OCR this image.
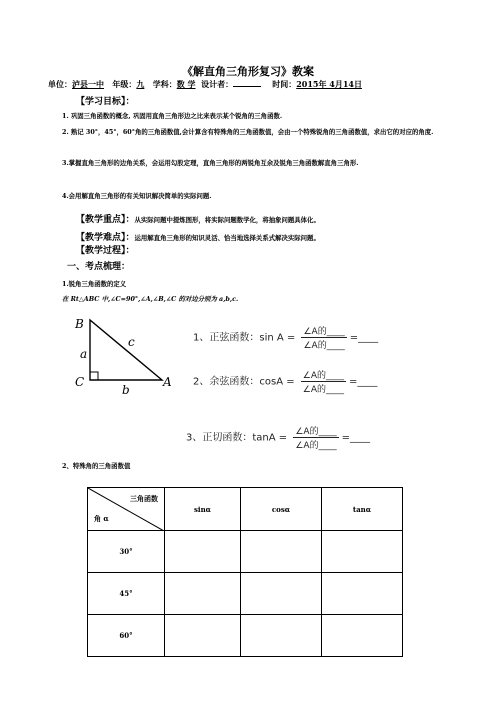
《解直角三角形复习》教案
单位：泸县一中 年级：九 学科：数 学 设计者：	时间：2015年 4月14日
【学习目标】：
1. 巩固三角函数的概念, 巩固用直角三角形边之比来表示某个锐角的三角函数.
2. 熟记 30°，45°，60°角的三角函数值,会计算含有特殊角的三角函数值，会由一个特殊锐角的三角函数值，求出它的对应的角度.
3.掌握直角三角形的边角关系，会运用勾股定理，直角三角形的两锐角互余及锐角三角函数解直角三角形.
4.会用解直角三角形的有关知识解决简单的实际问题.
【教学重点】：从实际问题中提炼图形，将实际问题数学化，将抽象问题具体化。
【教学难点】：运用解直角三角形的知识灵活、恰当地选择关系式解决实际问题。
【教学过程】：
一、考点梳理：
1.锐角三角函数的定义
在 Rt△ABC 中,∠C=90°,∠A,∠B,∠C 的对边分别为 a,b,c.
B
C	A
a
b
c	1、正弦函数：$\sin A = \frac{\text{∠A的\_\_\_\_}}{\text{∠A的\_\_\_\_}}$ =____
2、余弦函数：$\cos A = \frac{\text{∠A的\_\_\_\_}}{\text{∠A的\_\_\_\_}}$ =____
3、正切函数：$\tan A = \frac{\text{∠A的\_\_\_\_}}{\text{∠A的\_\_\_\_}}$ =____
2、特殊角的三角函数值
三角函数
角 α	sinα	cosα	tanα
30°			
45°			
60°			
